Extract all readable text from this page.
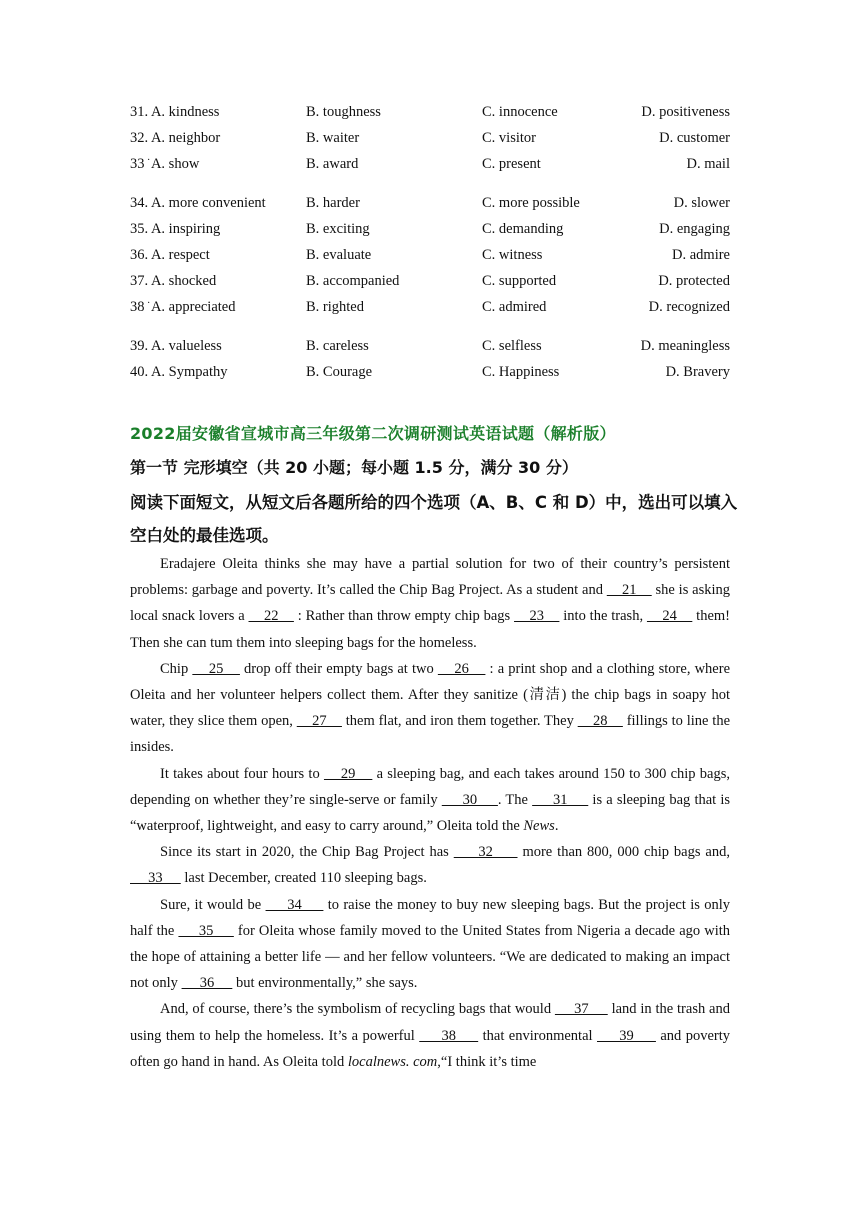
31. A. kindness	B. toughness	C. innocence	D. positiveness
32. A. neighbor	B. waiter	C. visitor	D. customer
33 A. show	B. award	C. present	D. mail
·
34. A. more convenient	B. harder	C. more possible	D. slower
35. A. inspiring	B. exciting	C. demanding	D. engaging
36. A. respect	B. evaluate	C. witness	D. admire
37. A. shocked	B. accompanied	C. supported	D. protected
38 A. appreciated	B. righted	C. admired	D. recognized
·
39. A. valueless	B. careless	C. selfless	D. meaningless
40. A. Sympathy	B. Courage	C. Happiness	D. Bravery
2022届安徽省宣城市高三年级第二次调研测试英语试题（解析版）
第一节 完形填空（共 20 小题；每小题 1.5 分，满分 30 分）
阅读下面短文，从短文后各题所给的四个选项（A、B、C 和 D）中，选出可以填入空白处的最佳选项。

Eradajere Oleita thinks she may have a partial solution for two of their country’s persistent problems: garbage and poverty. It’s called the Chip Bag Project. As a student and     21     she is asking local snack lovers a     22     : Rather than throw empty chip bags     23     into the trash,     24     them! Then she can tum them into sleeping bags for the homeless.

Chip     25     drop off their empty bags at two     26     : a print shop and a clothing store, where Oleita and her volunteer helpers collect them. After they sanitize (清洁) the chip bags in soapy hot water, they slice them open,     27     them flat, and iron them together. They     28     fillings to line the insides.

It takes about four hours to     29     a sleeping bag, and each takes around 150 to 300 chip bags, depending on whether they’re single-serve or family      30     . The      31      is a sleeping bag that is “waterproof, lightweight, and easy to carry around,” Oleita told the News.

Since its start in 2020, the Chip Bag Project has      32      more than 800, 000 chip bags and,      33      last December, created 110 sleeping bags.

Sure, it would be      34      to raise the money to buy new sleeping bags. But the project is only half the      35      for Oleita whose family moved to the United States from Nigeria a decade ago with the hope of attaining a better life — and her fellow volunteers. “We are dedicated to making an impact not only      36      but environmentally,” she says.

And, of course, there’s the symbolism of recycling bags that would      37      land in the trash and using them to help the homeless. It’s a powerful      38      that environmental      39      and poverty often go hand in hand. As Oleita told localnews. com,“I think it’s time
